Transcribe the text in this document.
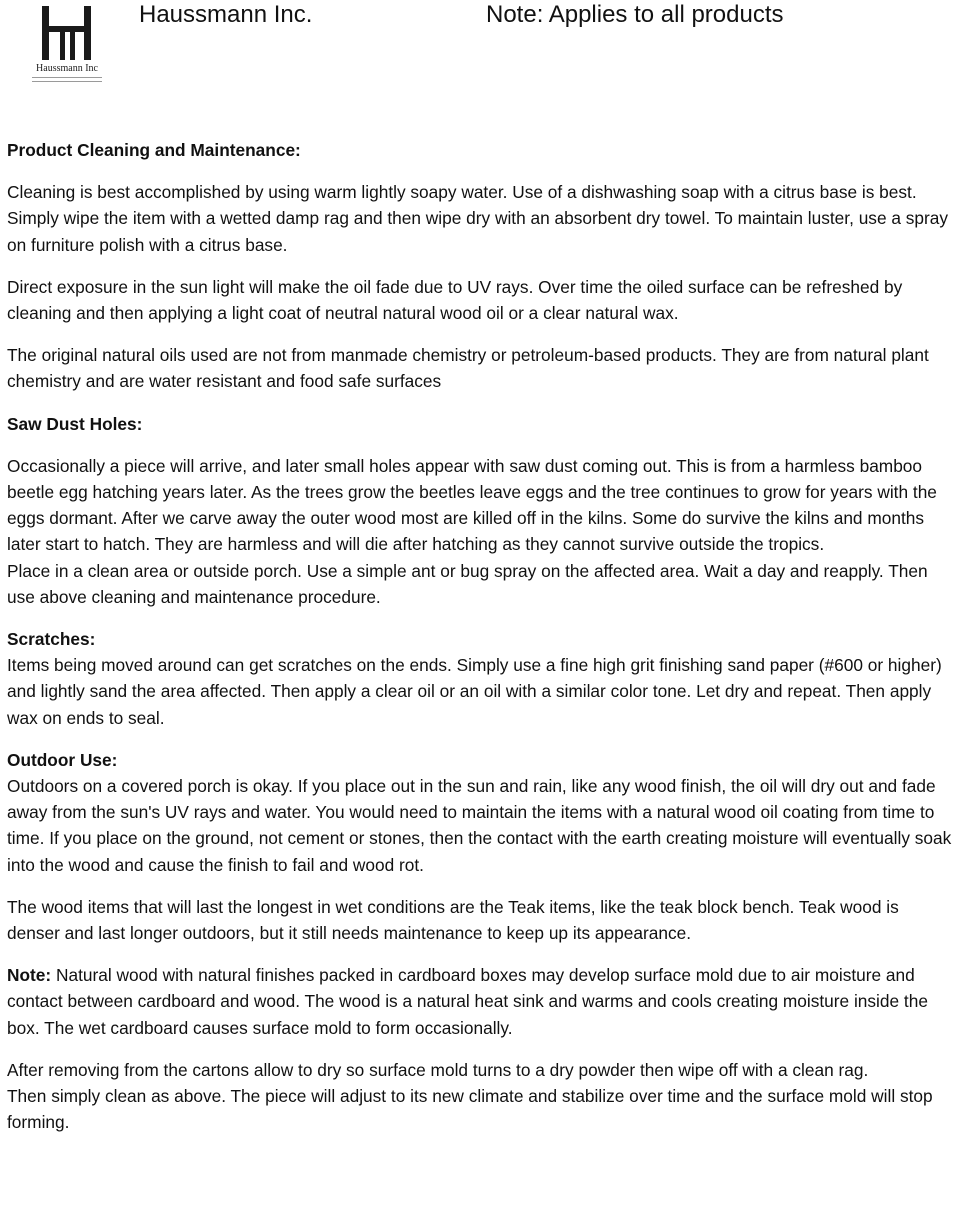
Haussmann Inc
Haussmann Inc.	Note: Applies to all products
Product Cleaning and Maintenance:

Cleaning is best accomplished by using warm lightly soapy water. Use of a dishwashing soap with a citrus base is best. Simply wipe the item with a wetted damp rag and then wipe dry with an absorbent dry towel. To maintain luster, use a spray on furniture polish with a citrus base.

Direct exposure in the sun light will make the oil fade due to UV rays. Over time the oiled surface can be refreshed by cleaning and then applying a light coat of neutral natural wood oil or a clear natural wax.

The original natural oils used are not from manmade chemistry or petroleum-based products. They are from natural plant chemistry and are water resistant and food safe surfaces

Saw Dust Holes:

Occasionally a piece will arrive, and later small holes appear with saw dust coming out. This is from a harmless bamboo beetle egg hatching years later. As the trees grow the beetles leave eggs and the tree continues to grow for years with the eggs dormant. After we carve away the outer wood most are killed off in the kilns. Some do survive the kilns and months later start to hatch. They are harmless and will die after hatching as they cannot survive outside the tropics.

Place in a clean area or outside porch. Use a simple ant or bug spray on the affected area. Wait a day and reapply. Then use above cleaning and maintenance procedure.

Scratches:

Items being moved around can get scratches on the ends. Simply use a fine high grit finishing sand paper (#600 or higher) and lightly sand the area affected. Then apply a clear oil or an oil with a similar color tone. Let dry and repeat. Then apply wax on ends to seal.

Outdoor Use:

Outdoors on a covered porch is okay. If you place out in the sun and rain, like any wood finish, the oil will dry out and fade away from the sun's UV rays and water. You would need to maintain the items with a natural wood oil coating from time to time. If you place on the ground, not cement or stones, then the contact with the earth creating moisture will eventually soak into the wood and cause the finish to fail and wood rot.

The wood items that will last the longest in wet conditions are the Teak items, like the teak block bench. Teak wood is denser and last longer outdoors, but it still needs maintenance to keep up its appearance.

Note: Natural wood with natural finishes packed in cardboard boxes may develop surface mold due to air moisture and contact between cardboard and wood. The wood is a natural heat sink and warms and cools creating moisture inside the box. The wet cardboard causes surface mold to form occasionally.

After removing from the cartons allow to dry so surface mold turns to a dry powder then wipe off with a clean rag.

Then simply clean as above. The piece will adjust to its new climate and stabilize over time and the surface mold will stop forming.
